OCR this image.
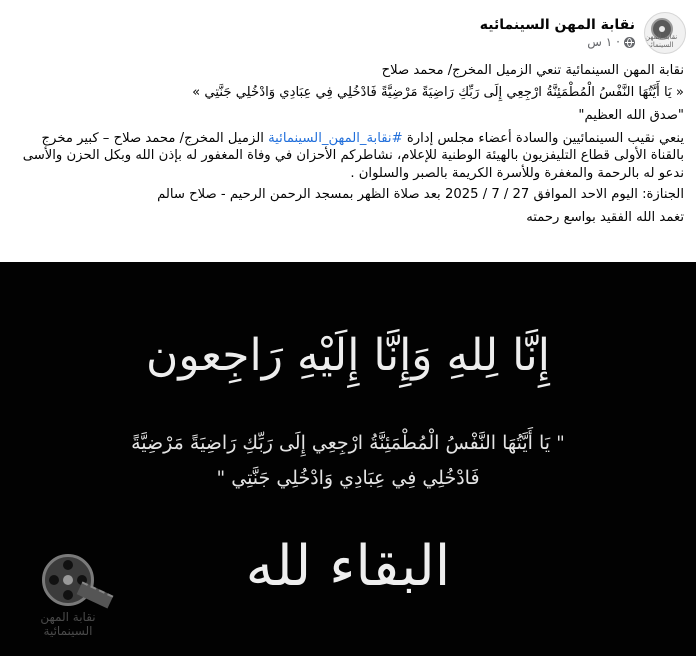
نقابة المهن السينمائية
نقابة المهن السينمائيه
١ س ·

نقابة المهن السينمائية تنعي الزميل المخرج/ محمد صلاح

« يَا أَيَّتُهَا النَّفْسُ الْمُطْمَئِنَّةُ ارْجِعِي إِلَى رَبِّكِ رَاضِيَةً مَرْضِيَّةً فَادْخُلِي فِي عِبَادِي وَادْخُلِي جَنَّتِي »

"صدق الله العظيم"

ينعي نقيب السينمائيين والسادة أعضاء مجلس إدارة #نقابة_المهن_السينمائية الزميل المخرج/ محمد صلاح – كبير مخرج بالقناة الأولى قطاع التليفزيون بالهيئة الوطنية للإعلام، نشاطركم الأحزان في وفاة المغفور له بإذن الله وبكل الحزن والأسى ندعو له بالرحمة والمغفرة وللأسرة الكريمة بالصبر والسلوان .

الجنازة: اليوم الاحد الموافق 27 / 7 / 2025 بعد صلاة الظهر بمسجد الرحمن الرحيم - صلاح سالم

تغمد الله الفقيد بواسع رحمته

إِنَّا لِلهِ وَإِنَّا إِلَيْهِ رَاجِعون
" يَا أَيَّتُهَا النَّفْسُ الْمُطْمَئِنَّةُ ارْجِعِي إِلَى رَبِّكِ رَاضِيَةً مَرْضِيَّةً
فَادْخُلِي فِي عِبَادِي وَادْخُلِي جَنَّتِي "
البقاء لله
نقابة المهن السينمائية
